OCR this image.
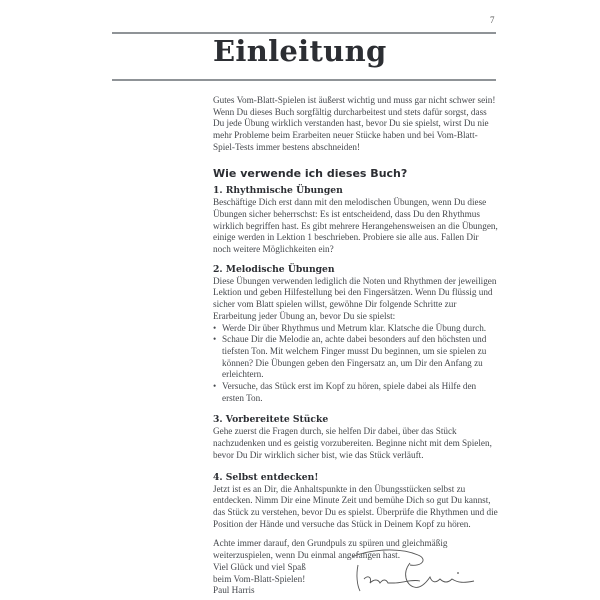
7
Einleitung

Gutes Vom-Blatt-Spielen ist äußerst wichtig und muss gar nicht schwer sein! Wenn Du dieses Buch sorgfältig durcharbeitest und stets dafür sorgst, dass Du jede Übung wirklich verstanden hast, bevor Du sie spielst, wirst Du nie mehr Probleme beim Erarbeiten neuer Stücke haben und bei Vom-Blatt-Spiel-Tests immer bestens abschneiden!

Wie verwende ich dieses Buch?
1. Rhythmische Übungen

Beschäftige Dich erst dann mit den melodischen Übungen, wenn Du diese Übungen sicher beherrschst: Es ist entscheidend, dass Du den Rhythmus wirklich begriffen hast. Es gibt mehrere Herangehensweisen an die Übungen, einige werden in Lektion 1 beschrieben. Probiere sie alle aus. Fallen Dir noch weitere Möglichkeiten ein?

2. Melodische Übungen

Diese Übungen verwenden lediglich die Noten und Rhythmen der jeweiligen Lektion und geben Hilfestellung bei den Fingersätzen. Wenn Du flüssig und sicher vom Blatt spielen willst, gewöhne Dir folgende Schritte zur Erarbeitung jeder Übung an, bevor Du sie spielst:

• Werde Dir über Rhythmus und Metrum klar. Klatsche die Übung durch.
• Schaue Dir die Melodie an, achte dabei besonders auf den höchsten und tiefsten Ton. Mit welchem Finger musst Du beginnen, um sie spielen zu können? Die Übungen geben den Fingersatz an, um Dir den Anfang zu erleichtern.
• Versuche, das Stück erst im Kopf zu hören, spiele dabei als Hilfe den ersten Ton.
3. Vorbereitete Stücke

Gehe zuerst die Fragen durch, sie helfen Dir dabei, über das Stück nachzudenken und es geistig vorzubereiten. Beginne nicht mit dem Spielen, bevor Du Dir wirklich sicher bist, wie das Stück verläuft.

4. Selbst entdecken!

Jetzt ist es an Dir, die Anhaltspunkte in den Übungsstücken selbst zu entdecken. Nimm Dir eine Minute Zeit und bemühe Dich so gut Du kannst, das Stück zu verstehen, bevor Du es spielst. Überprüfe die Rhythmen und die Position der Hände und versuche das Stück in Deinem Kopf zu hören.

Achte immer darauf, den Grundpuls zu spüren und gleichmäßig weiterzuspielen, wenn Du einmal angefangen hast.

Viel Glück und viel Spaß beim Vom-Blatt-Spielen!

Paul Harris
